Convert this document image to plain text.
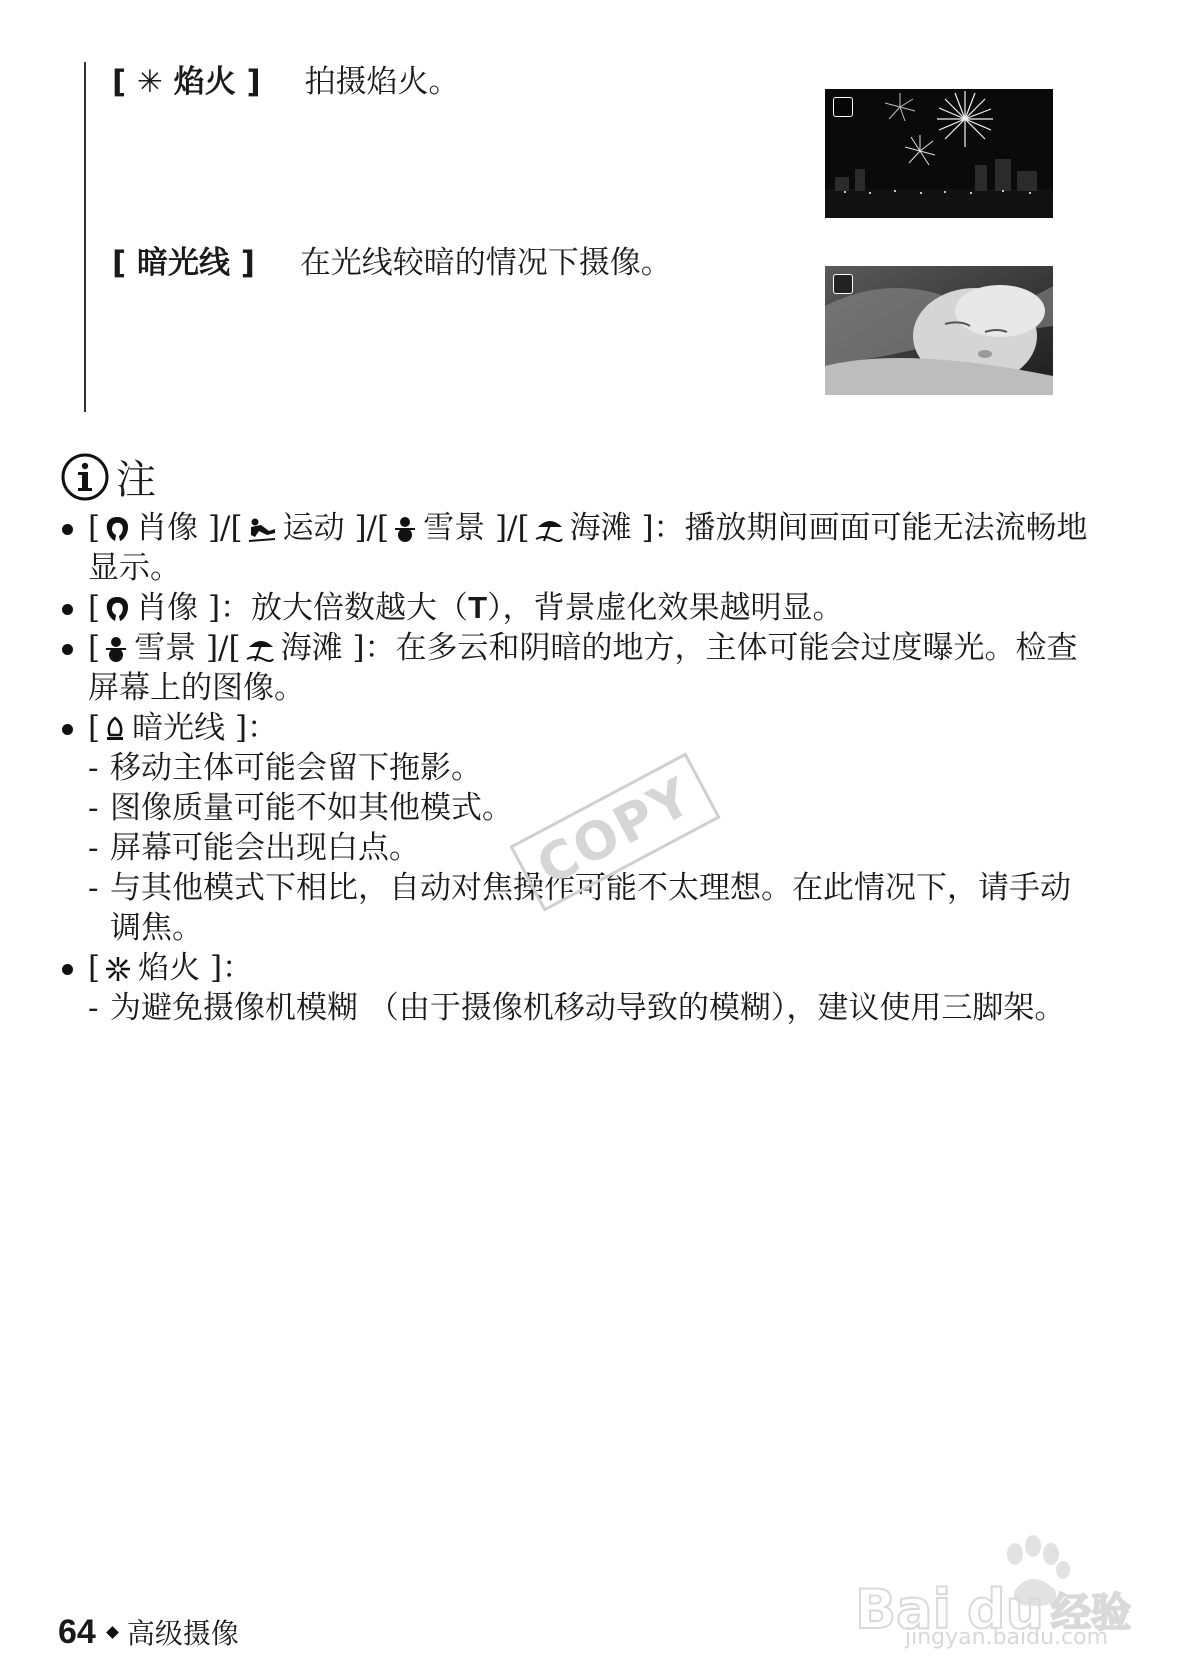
[ ✳ 焰火 ] 拍摄焰火。
[ 暗光线 ] 在光线较暗的情况下摄像。
注
[ 肖像 ]/[ 运动 ]/[ 雪景 ]/[ 海滩 ]：播放期间画面可能无法流畅地显示。
[ 肖像 ]：放大倍数越大（T），背景虚化效果越明显。
[ 雪景 ]/[ 海滩 ]：在多云和阴暗的地方，主体可能会过度曝光。检查屏幕上的图像。
[ 暗光线 ]：
- 移动主体可能会留下拖影。
- 图像质量可能不如其他模式。
- 屏幕可能会出现白点。
- 与其他模式下相比，自动对焦操作可能不太理想。在此情况下，请手动调焦。
[ 焰火 ]：
- 为避免摄像机模糊 （由于摄像机移动导致的模糊），建议使用三脚架。
COPY
64 高级摄像	Bai du 经验
jingyan.baidu.com
